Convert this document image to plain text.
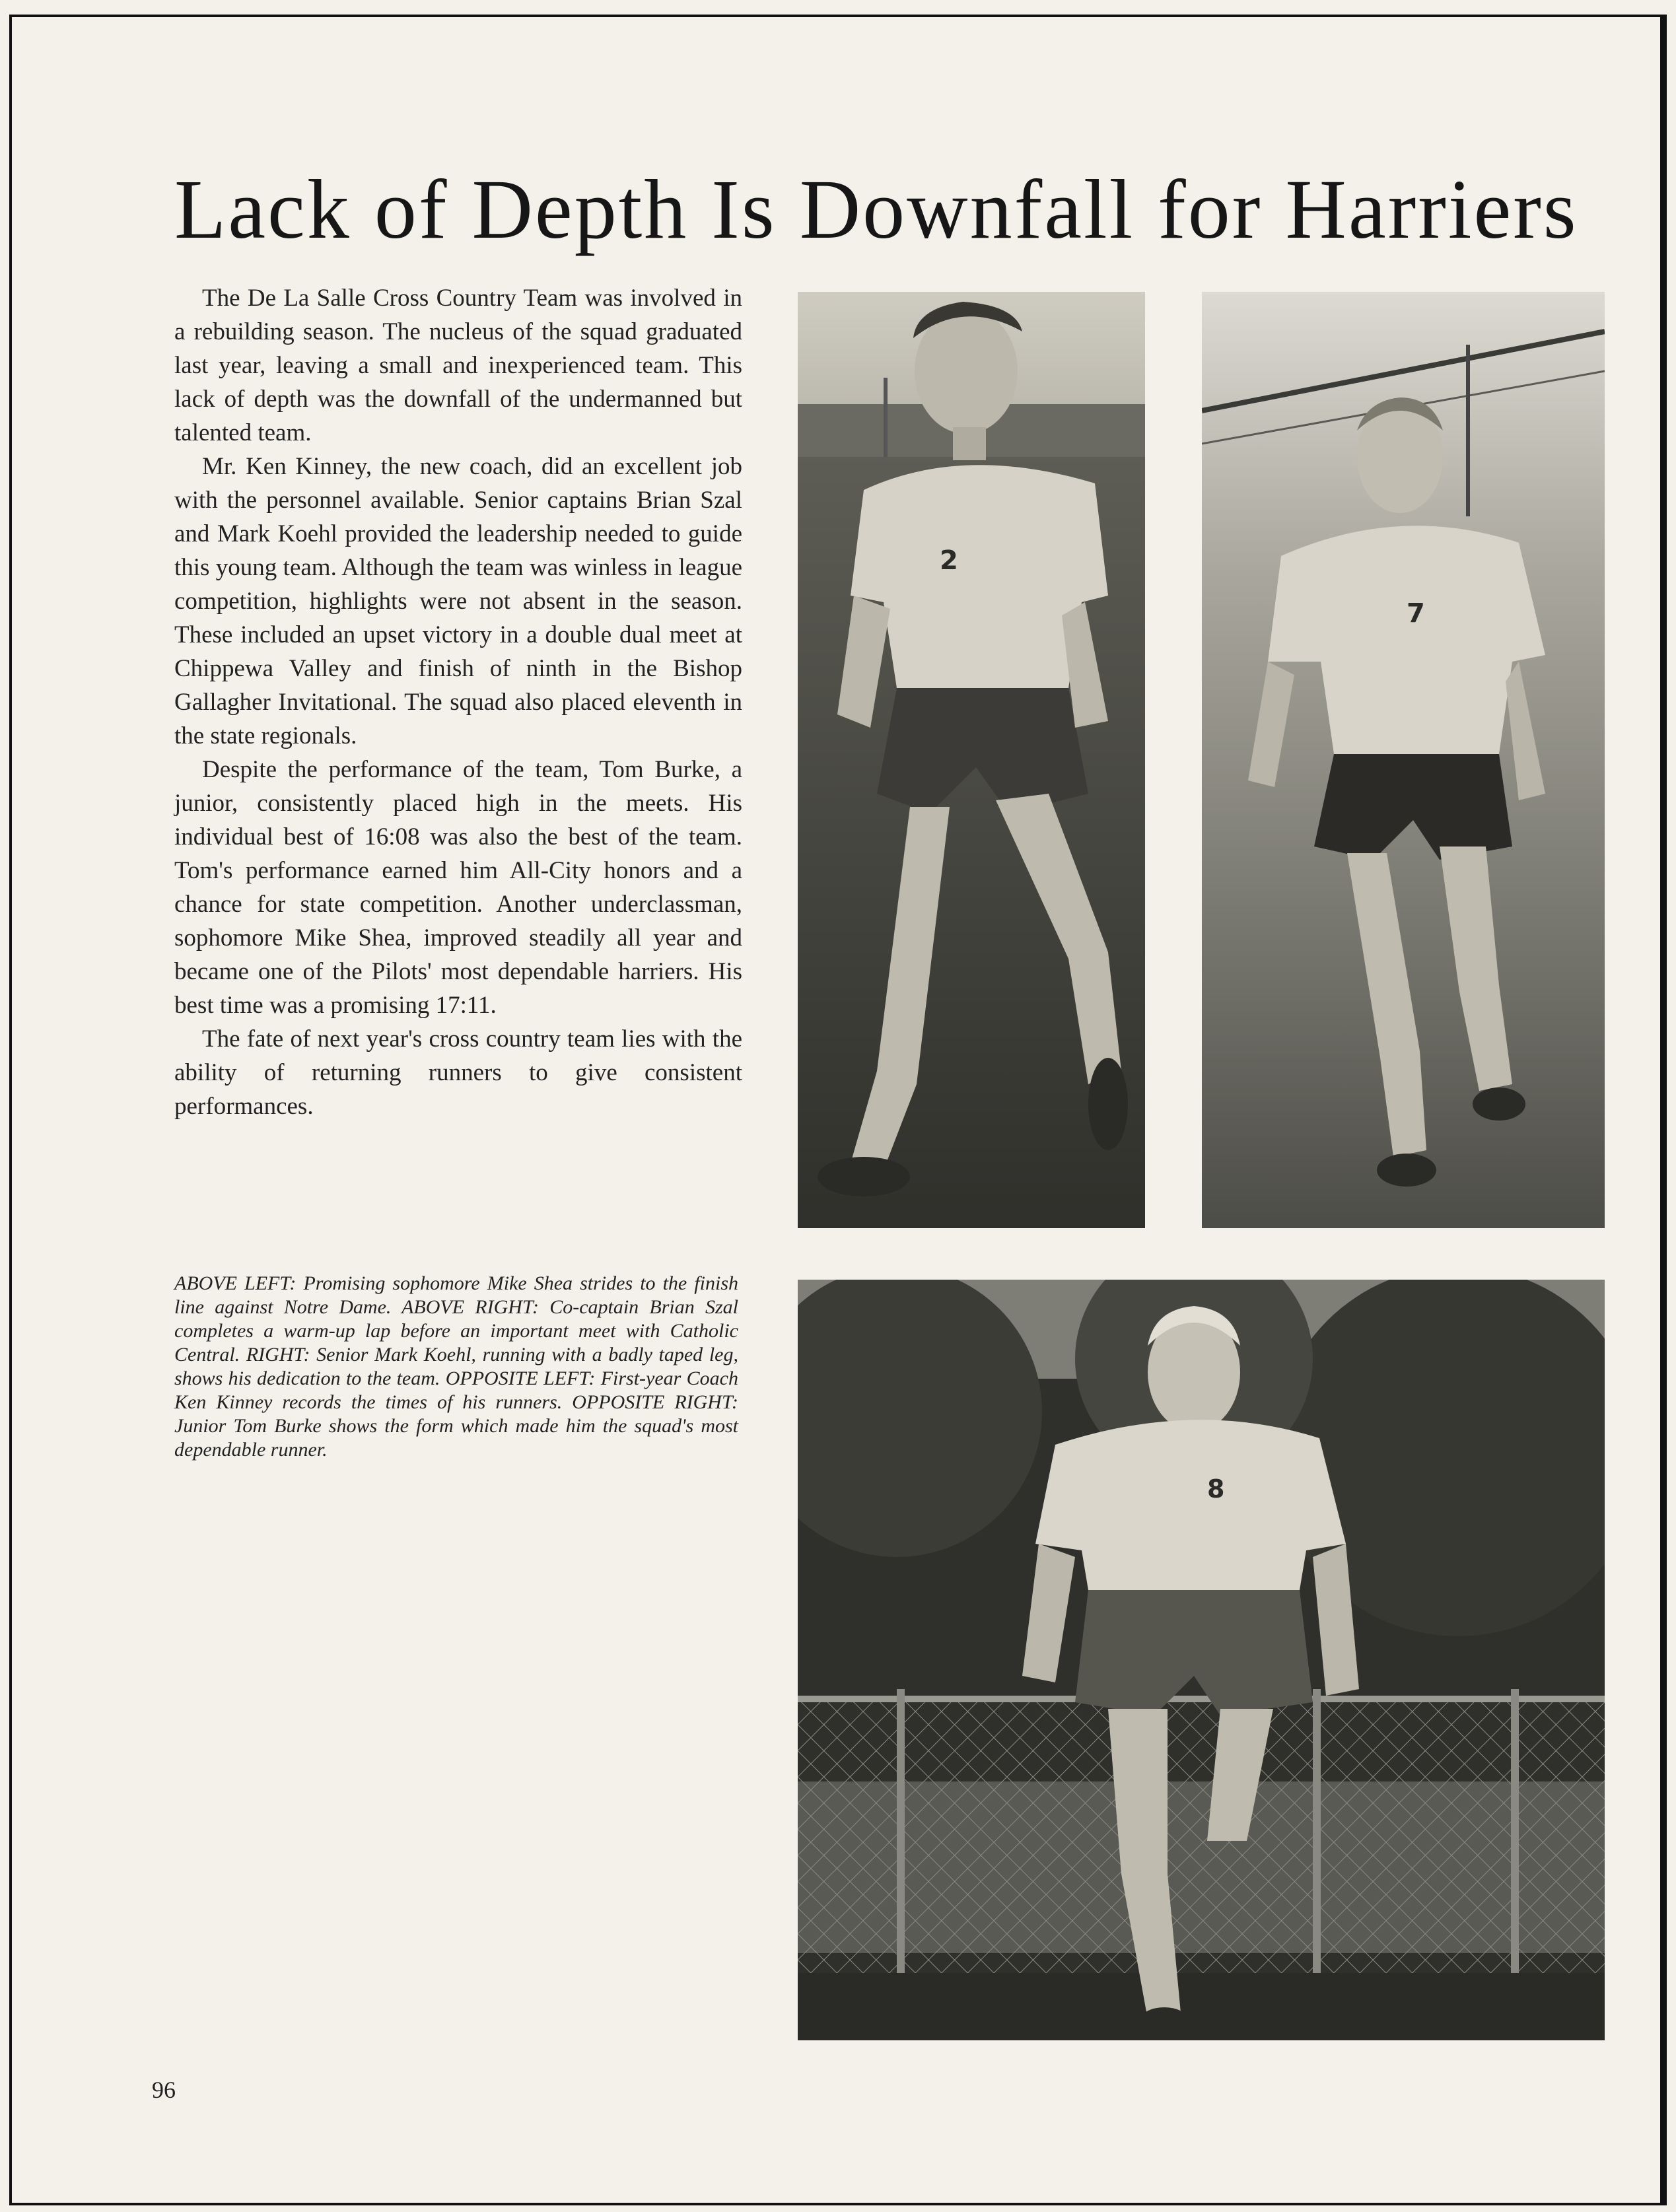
Lack of Depth Is Downfall for Harriers

The De La Salle Cross Country Team was involved in a rebuilding season. The nucleus of the squad graduated last year, leaving a small and inexperienced team. This lack of depth was the downfall of the undermanned but talented team.

Mr. Ken Kinney, the new coach, did an excellent job with the personnel available. Senior captains Brian Szal and Mark Koehl provided the leadership needed to guide this young team. Although the team was winless in league competition, highlights were not absent in the season. These included an upset victory in a double dual meet at Chippewa Valley and finish of ninth in the Bishop Gallagher Invitational. The squad also placed eleventh in the state regionals.

Despite the performance of the team, Tom Burke, a junior, consistently placed high in the meets. His individual best of 16:08 was also the best of the team. Tom's performance earned him All-City honors and a chance for state competition. Another underclassman, sophomore Mike Shea, improved steadily all year and became one of the Pilots' most dependable harriers. His best time was a promising 17:11.

The fate of next year's cross country team lies with the ability of returning runners to give consistent performances.

ABOVE LEFT: Promising sophomore Mike Shea strides to the finish line against Notre Dame. ABOVE RIGHT: Co-captain Brian Szal completes a warm-up lap before an important meet with Catholic Central. RIGHT: Senior Mark Koehl, running with a badly taped leg, shows his dedication to the team. OPPOSITE LEFT: First-year Coach Ken Kinney records the times of his runners. OPPOSITE RIGHT: Junior Tom Burke shows the form which made him the squad's most dependable runner.
96
2
7
8
